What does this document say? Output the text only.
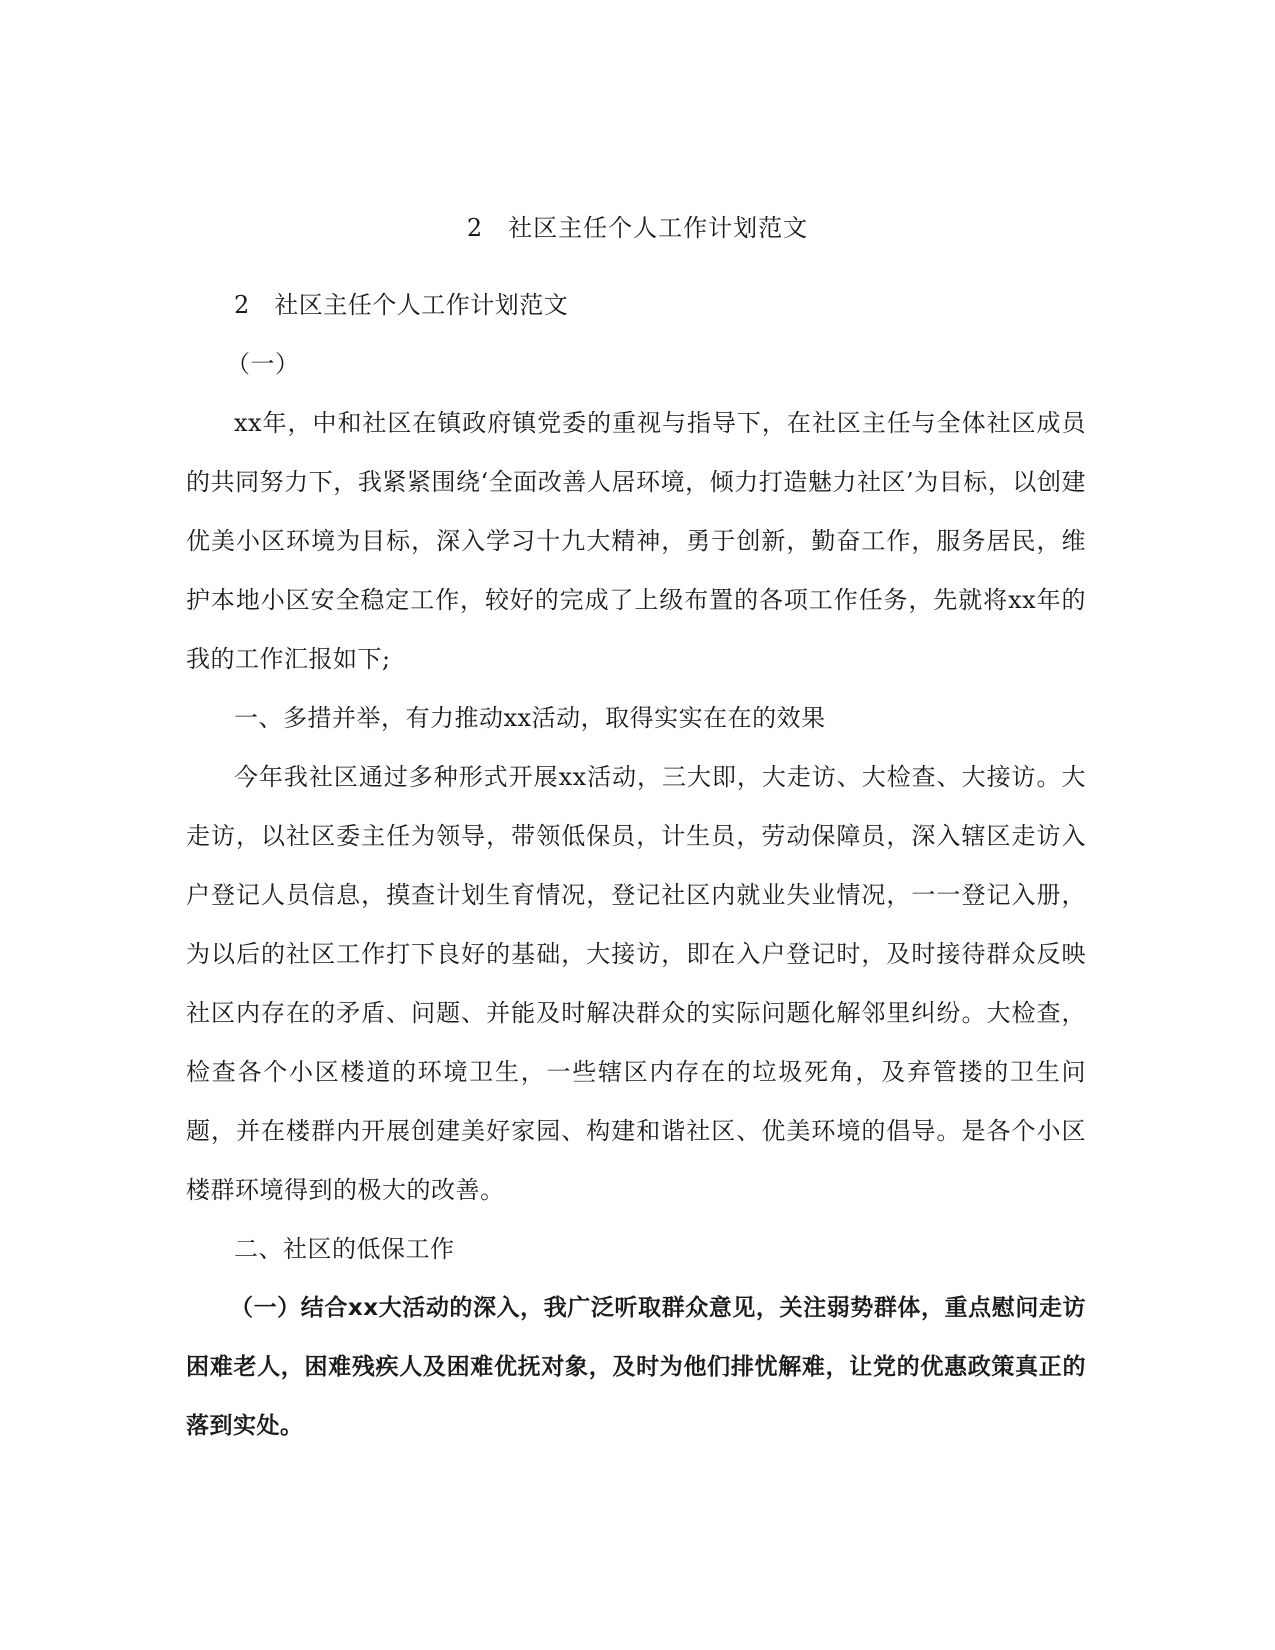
2　社区主任个人工作计划范文

2　社区主任个人工作计划范文

（一）

xx年，中和社区在镇政府镇党委的重视与指导下，在社区主任与全体社区成员的共同努力下，我紧紧围绕‘全面改善人居环境，倾力打造魅力社区’为目标，以创建优美小区环境为目标，深入学习十九大精神，勇于创新，勤奋工作，服务居民，维护本地小区安全稳定工作，较好的完成了上级布置的各项工作任务，先就将xx年的我的工作汇报如下;

一、多措并举，有力推动xx活动，取得实实在在的效果

今年我社区通过多种形式开展xx活动，三大即，大走访、大检查、大接访。大走访，以社区委主任为领导，带领低保员，计生员，劳动保障员，深入辖区走访入户登记人员信息，摸查计划生育情况，登记社区内就业失业情况，一一登记入册，为以后的社区工作打下良好的基础，大接访，即在入户登记时，及时接待群众反映社区内存在的矛盾、问题、并能及时解决群众的实际问题化解邻里纠纷。大检查，检查各个小区楼道的环境卫生，一些辖区内存在的垃圾死角，及弃管搂的卫生问题，并在楼群内开展创建美好家园、构建和谐社区、优美环境的倡导。是各个小区楼群环境得到的极大的改善。

二、社区的低保工作

（一）结合xx大活动的深入，我广泛听取群众意见，关注弱势群体，重点慰问走访困难老人，困难残疾人及困难优抚对象，及时为他们排忧解难，让党的优惠政策真正的落到实处。
